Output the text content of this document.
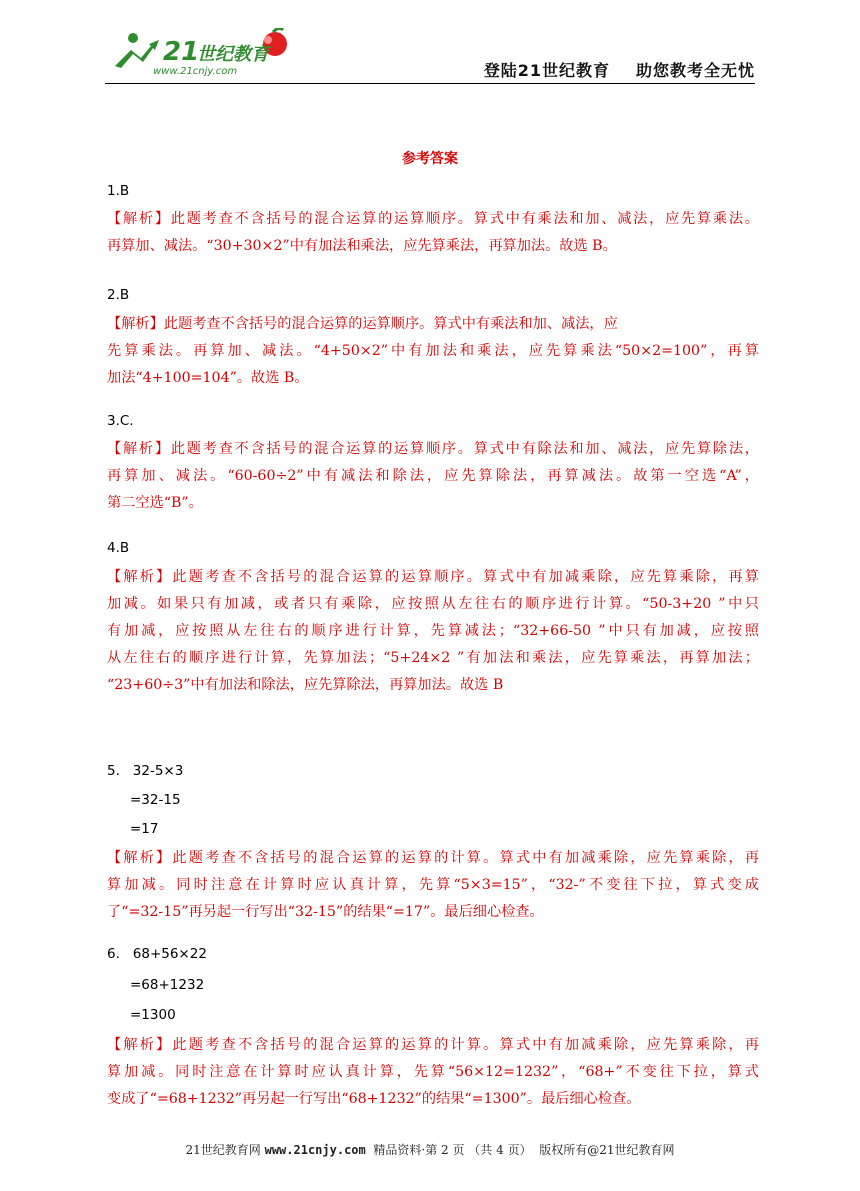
21
世纪教育
www.21cnjy.com	登陆21世纪教育 助您教考全无忧
参考答案
1.B
【解析】此题考查不含括号的混合运算的运算顺序。算式中有乘法和加、减法，应先算乘法。
再算加、减法。“30+30×2”中有加法和乘法，应先算乘法，再算加法。故选 B。
2.B
【解析】此题考查不含括号的混合运算的运算顺序。算式中有乘法和加、减法，应
先算乘法。再算加、减法。“4+50×2”中有加法和乘法，应先算乘法“50×2=100”，再算
加法“4+100=104”。故选 B。
3.C.
【解析】此题考查不含括号的混合运算的运算顺序。算式中有除法和加、减法，应先算除法，
再算加、减法。“60-60÷2”中有减法和除法，应先算除法，再算减法。故第一空选“A”，
第二空选“B”。
4.B
【解析】此题考查不含括号的混合运算的运算顺序。算式中有加减乘除，应先算乘除，再算
加减。如果只有加减，或者只有乘除，应按照从左往右的顺序进行计算。“50-3+20 ”中只
有加减，应按照从左往右的顺序进行计算，先算减法；“32+66-50 ”中只有加减，应按照
从左往右的顺序进行计算，先算加法；“5+24×2 ”有加法和乘法，应先算乘法，再算加法；
“23+60÷3”中有加法和除法，应先算除法，再算加法。故选 B
5. 32-5×3
=32-15
=17
【解析】此题考查不含括号的混合运算的运算的计算。算式中有加减乘除，应先算乘除，再
算加减。同时注意在计算时应认真计算，先算“5×3=15”，“32-”不变往下拉，算式变成
了“=32-15”再另起一行写出“32-15”的结果“=17”。最后细心检查。
6. 68+56×22
=68+1232
=1300
【解析】此题考查不含括号的混合运算的运算的计算。算式中有加减乘除，应先算乘除，再
算加减。同时注意在计算时应认真计算，先算“56×12=1232”，“68+”不变往下拉，算式
变成了“=68+1232”再另起一行写出“68+1232”的结果“=1300”。最后细心检查。
21世纪教育网 www.21cnjy.com 精品资料·第 2 页 （共 4 页） 版权所有@21世纪教育网
